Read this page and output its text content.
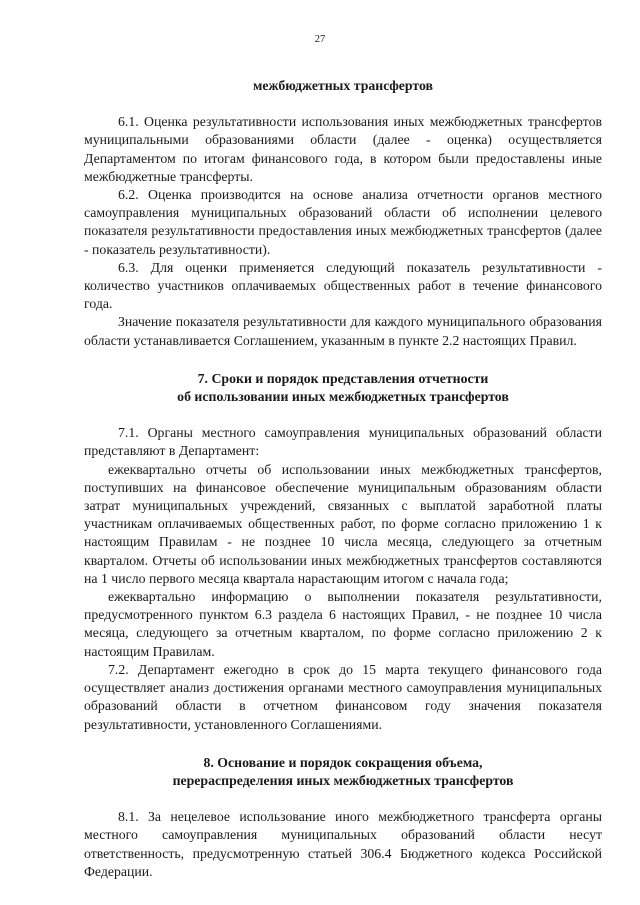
27

межбюджетных трансфертов

6.1. Оценка результативности использования иных межбюджетных трансфертов муниципальными образованиями области (далее - оценка) осуществляется Департаментом по итогам финансового года, в котором были предоставлены иные межбюджетные трансферты.

6.2. Оценка производится на основе анализа отчетности органов местного самоуправления муниципальных образований области об исполнении целевого показателя результативности предоставления иных межбюджетных трансфертов (далее - показатель результативности).

6.3. Для оценки применяется следующий показатель результативности - количество участников оплачиваемых общественных работ в течение финансового года.

Значение показателя результативности для каждого муниципального образования области устанавливается Соглашением, указанным в пункте 2.2 настоящих Правил.

7. Сроки и порядок представления отчетности

об использовании иных межбюджетных трансфертов

7.1. Органы местного самоуправления муниципальных образований области представляют в Департамент:

ежеквартально отчеты об использовании иных межбюджетных трансфертов, поступивших на финансовое обеспечение муниципальным образованиям области затрат муниципальных учреждений, связанных с выплатой заработной платы участникам оплачиваемых общественных работ, по форме согласно приложению 1 к настоящим Правилам - не позднее 10 числа месяца, следующего за отчетным кварталом. Отчеты об использовании иных межбюджетных трансфертов составляются на 1 число первого месяца квартала нарастающим итогом с начала года;

ежеквартально информацию о выполнении показателя результативности, предусмотренного пунктом 6.3 раздела 6 настоящих Правил, - не позднее 10 числа месяца, следующего за отчетным кварталом, по форме согласно приложению 2 к настоящим Правилам.

7.2. Департамент ежегодно в срок до 15 марта текущего финансового года осуществляет анализ достижения органами местного самоуправления муниципальных образований области в отчетном финансовом году значения показателя результативности, установленного Соглашениями.

8. Основание и порядок сокращения объема,

перераспределения иных межбюджетных трансфертов

8.1. За нецелевое использование иного межбюджетного трансферта органы местного самоуправления муниципальных образований области несут ответственность, предусмотренную статьей 306.4 Бюджетного кодекса Российской Федерации.
